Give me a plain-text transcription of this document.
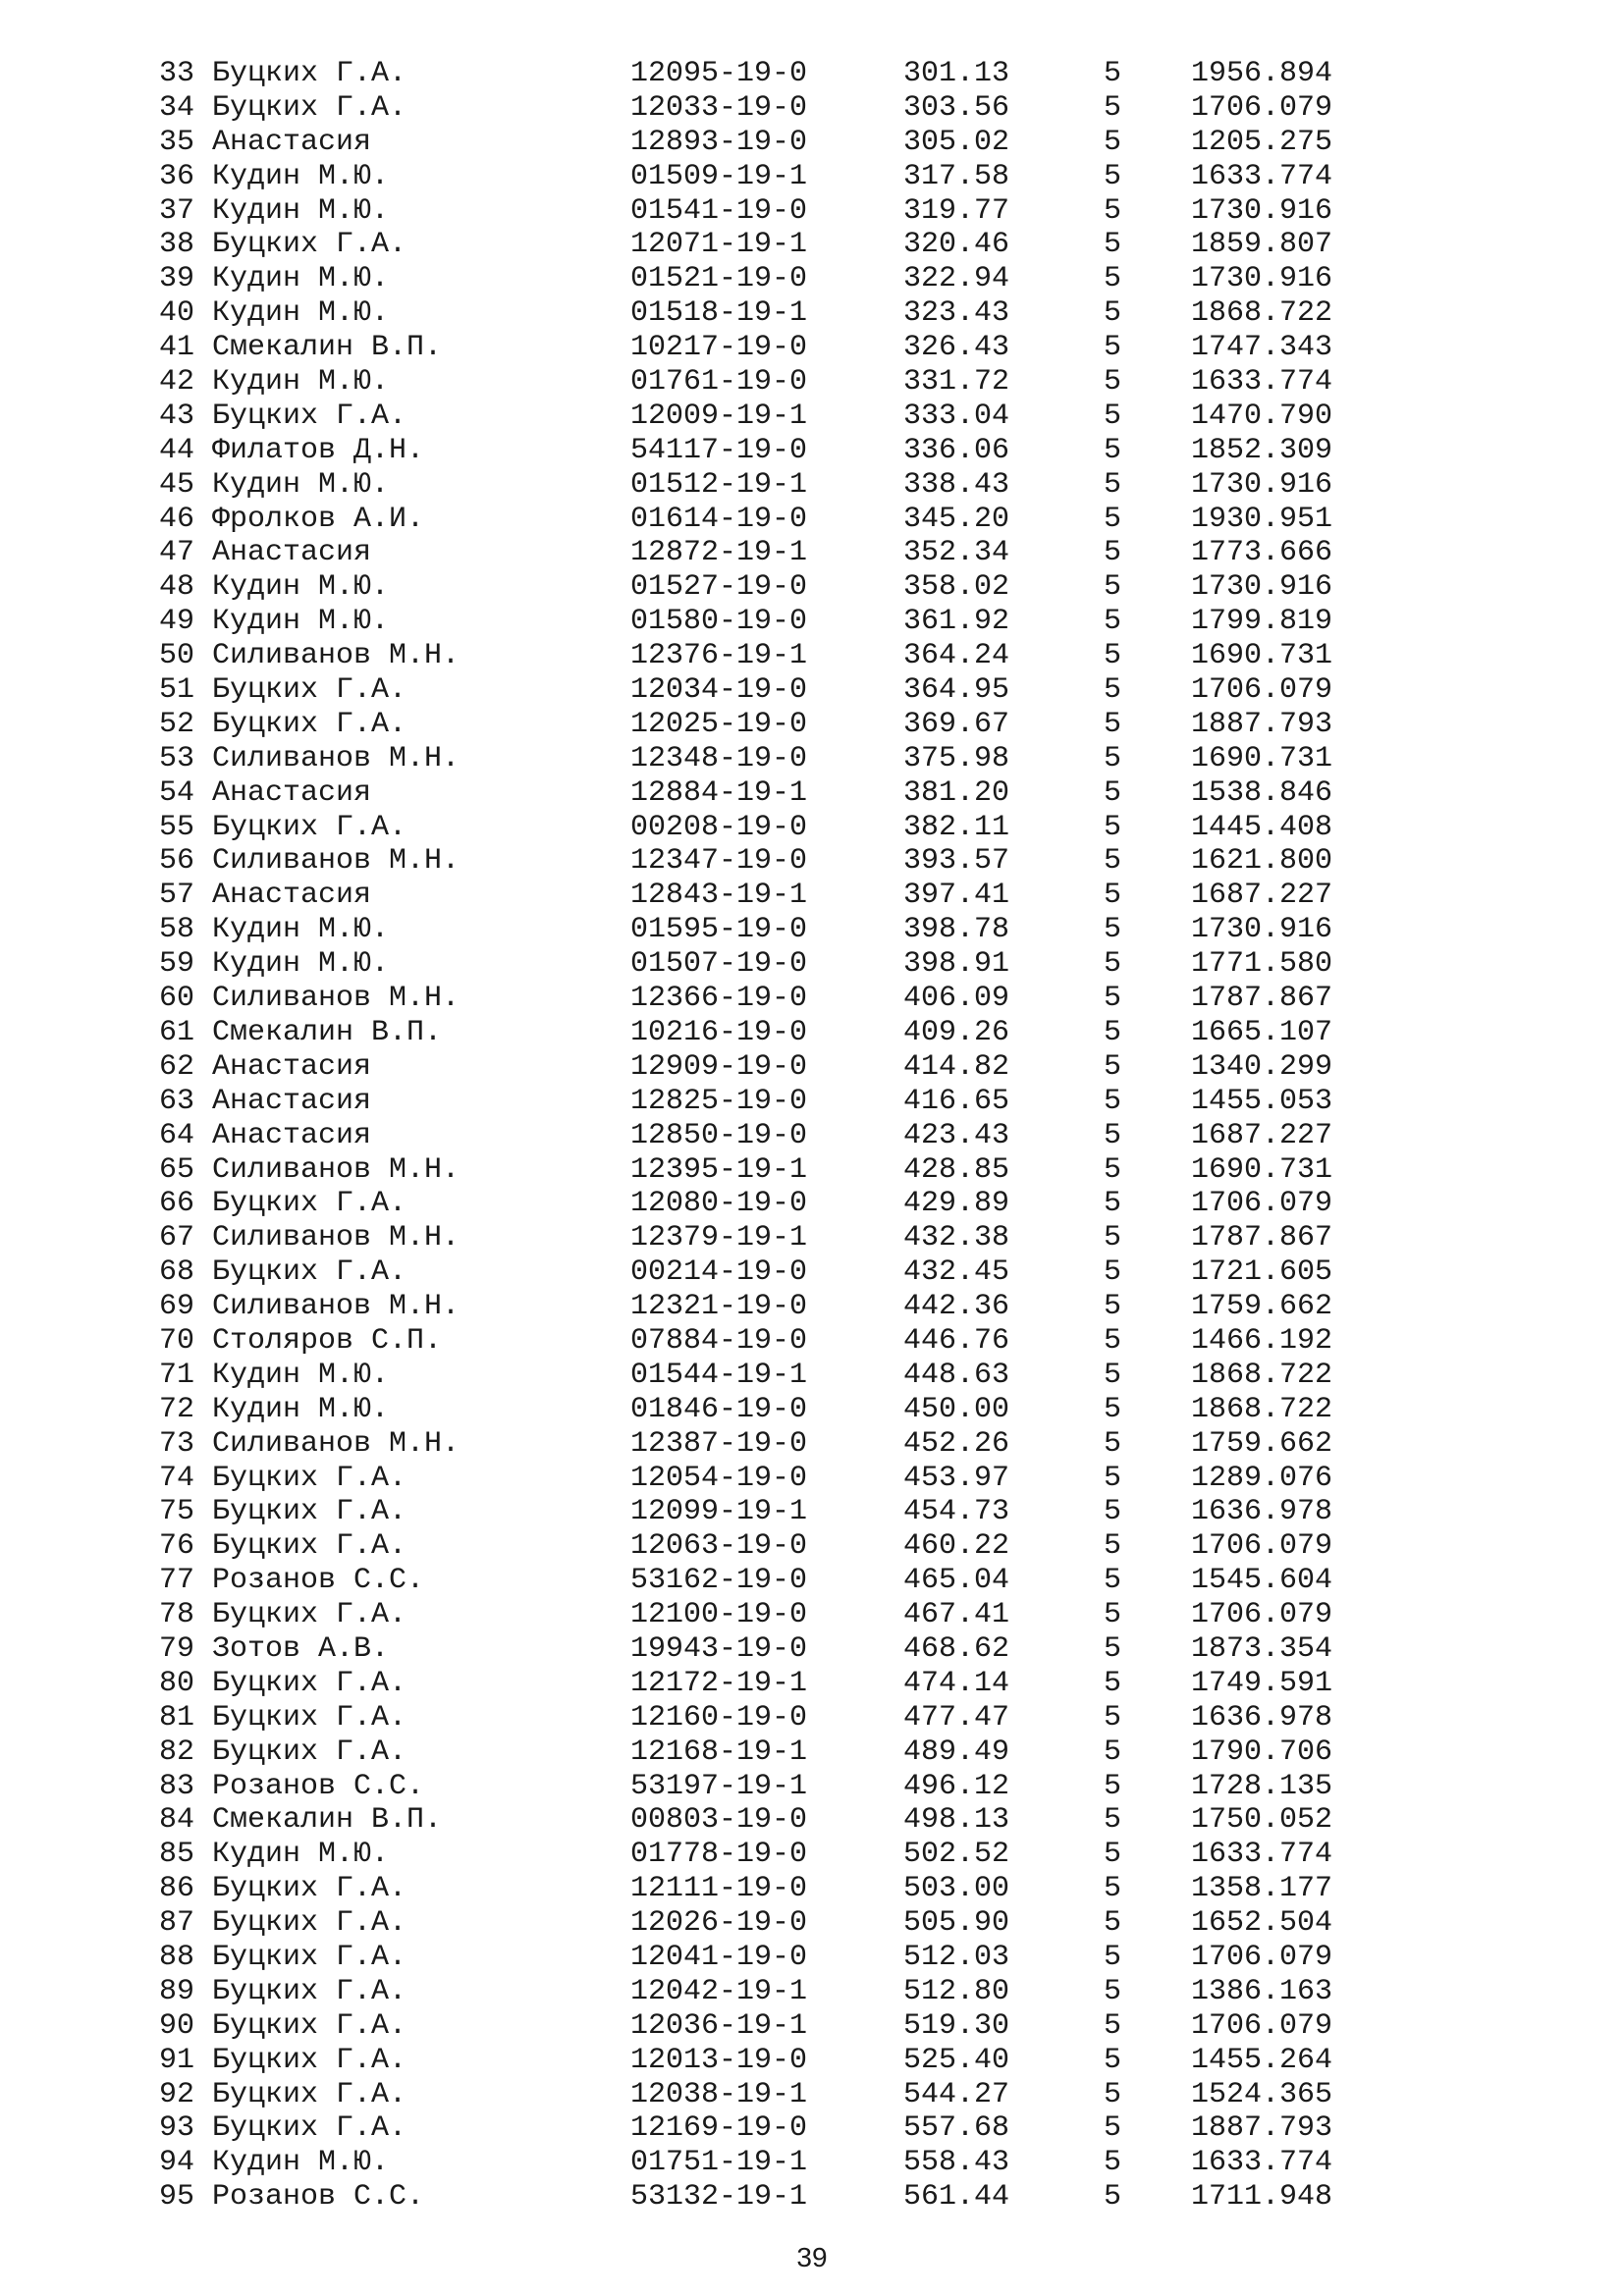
33 Буцких Г.А.	12095-19-0	301.13	5 1956.894
34 Буцких Г.А.	12033-19-0	303.56	5 1706.079
35 Анастасия	12893-19-0	305.02	5 1205.275
36 Кудин М.Ю.	01509-19-1	317.58	5 1633.774
37 Кудин М.Ю.	01541-19-0	319.77	5 1730.916
38 Буцких Г.А.	12071-19-1	320.46	5 1859.807
39 Кудин М.Ю.	01521-19-0	322.94	5 1730.916
40 Кудин М.Ю.	01518-19-1	323.43	5 1868.722
41 Смекалин В.П.	10217-19-0	326.43	5 1747.343
42 Кудин М.Ю.	01761-19-0	331.72	5 1633.774
43 Буцких Г.А.	12009-19-1	333.04	5 1470.790
44 Филатов Д.Н.	54117-19-0	336.06	5 1852.309
45 Кудин М.Ю.	01512-19-1	338.43	5 1730.916
46 Фролков А.И.	01614-19-0	345.20	5 1930.951
47 Анастасия	12872-19-1	352.34	5 1773.666
48 Кудин М.Ю.	01527-19-0	358.02	5 1730.916
49 Кудин М.Ю.	01580-19-0	361.92	5 1799.819
50 Силиванов М.Н.	12376-19-1	364.24	5 1690.731
51 Буцких Г.А.	12034-19-0	364.95	5 1706.079
52 Буцких Г.А.	12025-19-0	369.67	5 1887.793
53 Силиванов М.Н.	12348-19-0	375.98	5 1690.731
54 Анастасия	12884-19-1	381.20	5 1538.846
55 Буцких Г.А.	00208-19-0	382.11	5 1445.408
56 Силиванов М.Н.	12347-19-0	393.57	5 1621.800
57 Анастасия	12843-19-1	397.41	5 1687.227
58 Кудин М.Ю.	01595-19-0	398.78	5 1730.916
59 Кудин М.Ю.	01507-19-0	398.91	5 1771.580
60 Силиванов М.Н.	12366-19-0	406.09	5 1787.867
61 Смекалин В.П.	10216-19-0	409.26	5 1665.107
62 Анастасия	12909-19-0	414.82	5 1340.299
63 Анастасия	12825-19-0	416.65	5 1455.053
64 Анастасия	12850-19-0	423.43	5 1687.227
65 Силиванов М.Н.	12395-19-1	428.85	5 1690.731
66 Буцких Г.А.	12080-19-0	429.89	5 1706.079
67 Силиванов М.Н.	12379-19-1	432.38	5 1787.867
68 Буцких Г.А.	00214-19-0	432.45	5 1721.605
69 Силиванов М.Н.	12321-19-0	442.36	5 1759.662
70 Столяров С.П.	07884-19-0	446.76	5 1466.192
71 Кудин М.Ю.	01544-19-1	448.63	5 1868.722
72 Кудин М.Ю.	01846-19-0	450.00	5 1868.722
73 Силиванов М.Н.	12387-19-0	452.26	5 1759.662
74 Буцких Г.А.	12054-19-0	453.97	5 1289.076
75 Буцких Г.А.	12099-19-1	454.73	5 1636.978
76 Буцких Г.А.	12063-19-0	460.22	5 1706.079
77 Розанов С.С.	53162-19-0	465.04	5 1545.604
78 Буцких Г.А.	12100-19-0	467.41	5 1706.079
79 Зотов А.В.	19943-19-0	468.62	5 1873.354
80 Буцких Г.А.	12172-19-1	474.14	5 1749.591
81 Буцких Г.А.	12160-19-0	477.47	5 1636.978
82 Буцких Г.А.	12168-19-1	489.49	5 1790.706
83 Розанов С.С.	53197-19-1	496.12	5 1728.135
84 Смекалин В.П.	00803-19-0	498.13	5 1750.052
85 Кудин М.Ю.	01778-19-0	502.52	5 1633.774
86 Буцких Г.А.	12111-19-0	503.00	5 1358.177
87 Буцких Г.А.	12026-19-0	505.90	5 1652.504
88 Буцких Г.А.	12041-19-0	512.03	5 1706.079
89 Буцких Г.А.	12042-19-1	512.80	5 1386.163
90 Буцких Г.А.	12036-19-1	519.30	5 1706.079
91 Буцких Г.А.	12013-19-0	525.40	5 1455.264
92 Буцких Г.А.	12038-19-1	544.27	5 1524.365
93 Буцких Г.А.	12169-19-0	557.68	5 1887.793
94 Кудин М.Ю.	01751-19-1	558.43	5 1633.774
95 Розанов С.С.	53132-19-1	561.44	5 1711.948
39
